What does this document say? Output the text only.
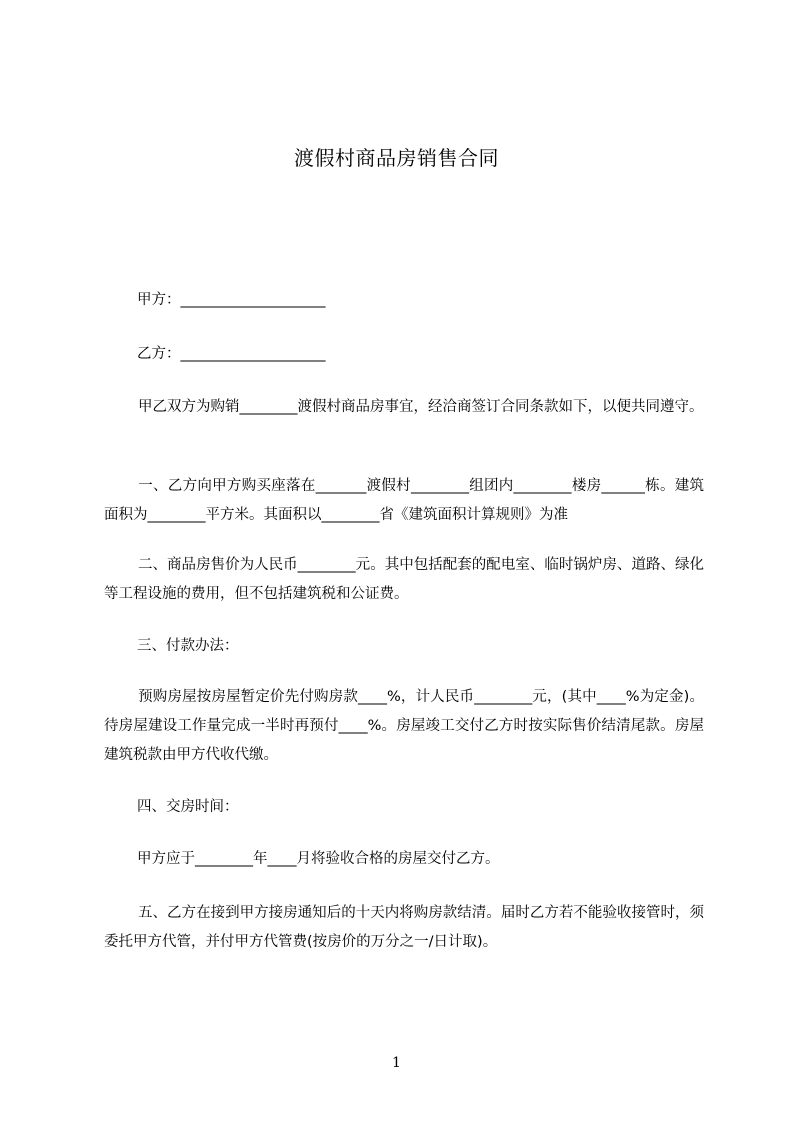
渡假村商品房销售合同
甲方：____________________
乙方：____________________
甲乙双方为购销________渡假村商品房事宜，经洽商签订合同条款如下，以便共同遵守。
一、乙方向甲方购买座落在_______渡假村________组团内________楼房______栋。建筑面积为________平方米。其面积以________省《建筑面积计算规则》为准
二、商品房售价为人民币________元。其中包括配套的配电室、临时锅炉房、道路、绿化等工程设施的费用，但不包括建筑税和公证费。
三、付款办法：
预购房屋按房屋暂定价先付购房款____%，计人民币________元，(其中____%为定金)。待房屋建设工作量完成一半时再预付____%。房屋竣工交付乙方时按实际售价结清尾款。房屋建筑税款由甲方代收代缴。
四、交房时间：
甲方应于________年____月将验收合格的房屋交付乙方。
五、乙方在接到甲方接房通知后的十天内将购房款结清。届时乙方若不能验收接管时，须委托甲方代管，并付甲方代管费(按房价的万分之一/日计取)。
1
